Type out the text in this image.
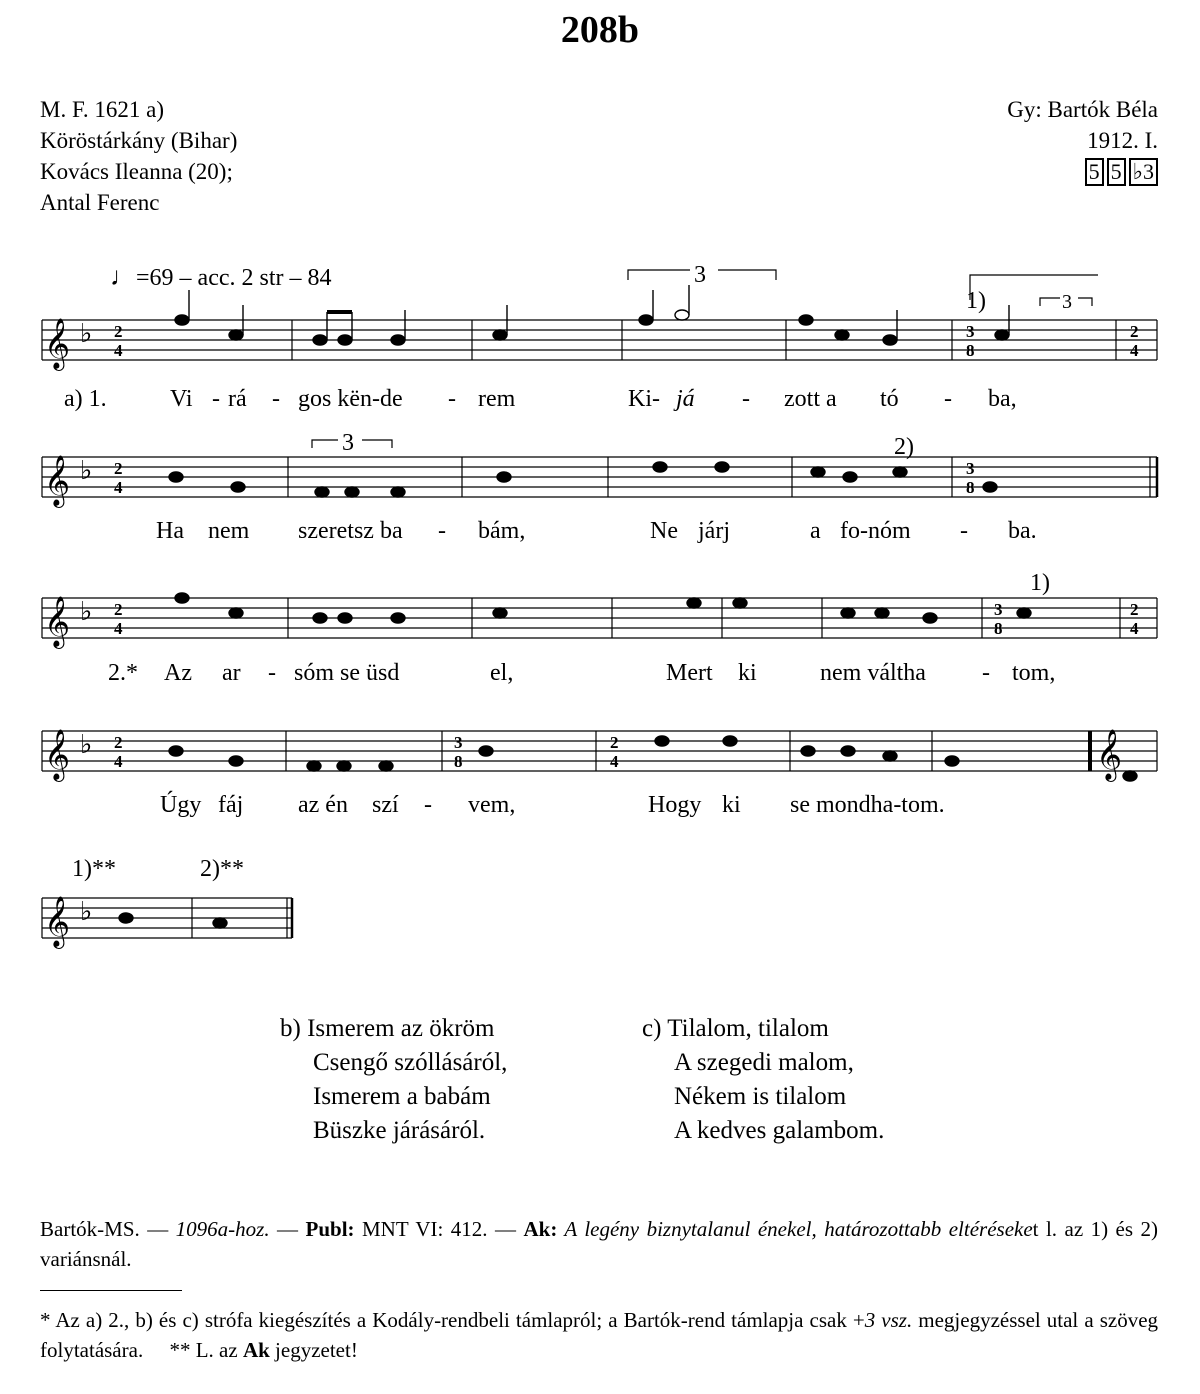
208b
M. F. 1621 a)
Köröstárkány (Bihar)
Kovács Ileanna (20);
Antal Ferenc
Gy: Bartók Béla
1912. I.
5 5 ♭3
♩=69 – acc. 2 str – 84
𝄞
𝄞
𝄞
𝄞
𝄞
𝄞
♭
♭
♭
♭
♭
2
4
3
8
2
4
2
4
3
8
2
4
3
8
2
4
2
4
3
8
2
4
3
1)	3
3	2)
1)
1)**	2)**
a) 1.	Vi - rá - gos kën-de - rem	Ki- já - zott a tó - ba,
Ha nem szeretsz ba - bám,	Ne járj	a fo-nóm - ba.
2.* Az ar - sóm se üsd	el,	Mert ki	nem váltha - tom,
Úgy fáj az én szí - vem,	Hogy ki se mondha-tom.
b) Ismerem az ökröm
Csengő szóllásáról,
Ismerem a babám
Büszke járásáról.
c) Tilalom, tilalom
A szegedi malom,
Nékem is tilalom
A kedves galambom.
Bartók-MS. — 1096a-hoz. — Publ: MNT VI: 412. — Ak: A legény biznytalanul énekel, határozottabb eltéréseket l. az 1) és 2) variánsnál.
* Az a) 2., b) és c) strófa kiegészítés a Kodály-rendbeli támlapról; a Bartók-rend támlapja csak +3 vsz. megjegyzéssel utal a szöveg folytatására.     ** L. az Ak jegyzetet!
